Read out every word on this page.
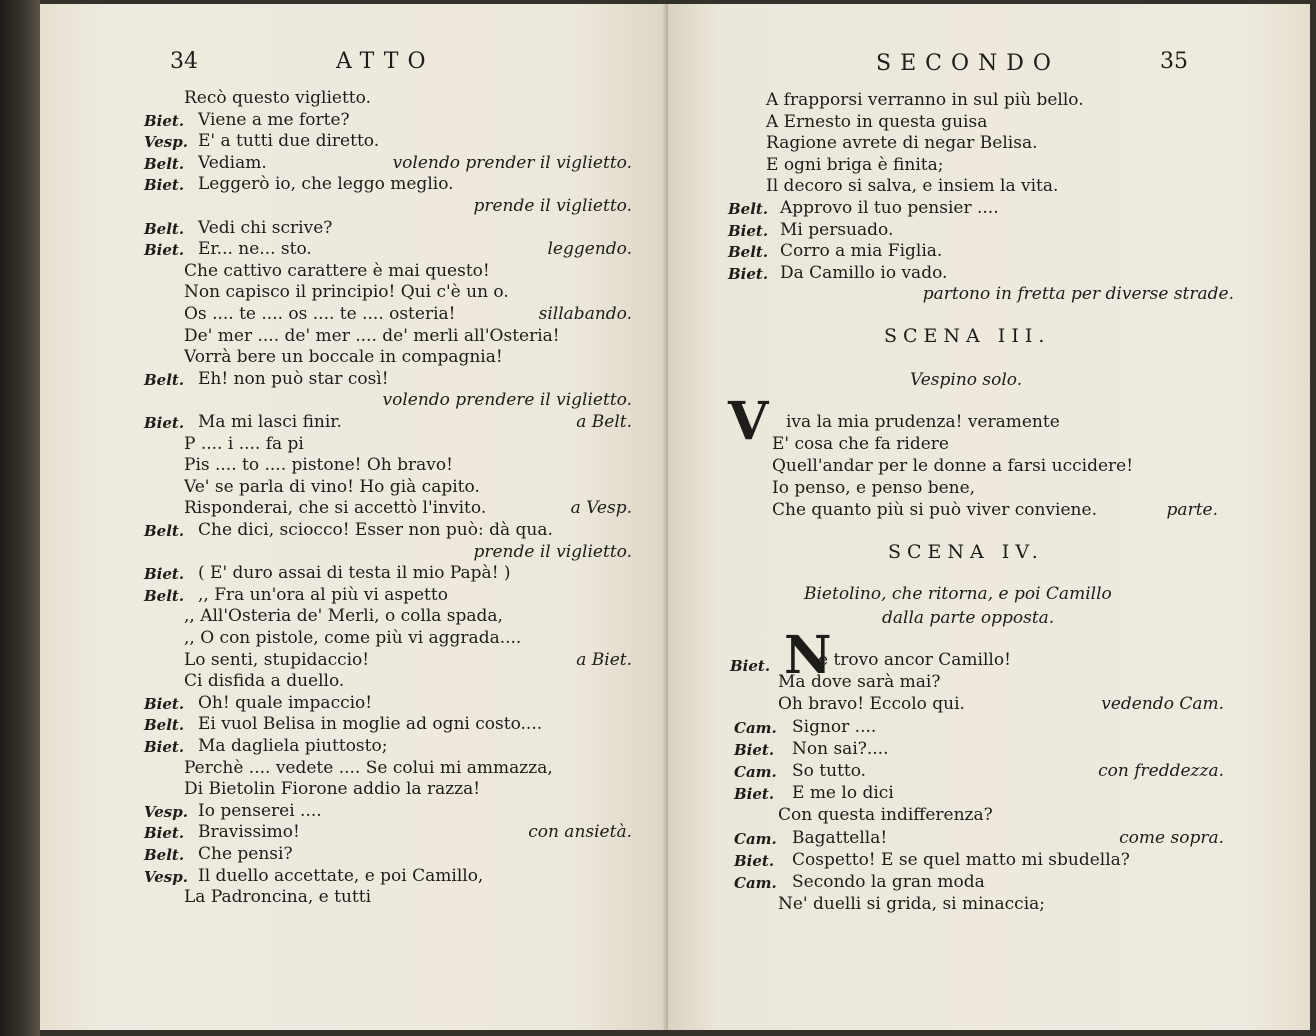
34	ATTO
Recò questo viglietto.
Biet. Viene a me forte?
Vesp. E' a tutti due diretto.
Belt. Vediam.	volendo prender il viglietto.
Biet. Leggerò io, che leggo meglio.
prende il viglietto.
Belt. Vedi chi scrive?
Biet. Er... ne... sto.	leggendo.
Che cattivo carattere è mai questo!
Non capisco il principio! Qui c'è un o.
Os .... te .... os .... te .... osteria!	sillabando.
De' mer .... de' mer .... de' merli all'Osteria!
Vorrà bere un boccale in compagnia!
Belt. Eh! non può star così!
volendo prendere il viglietto.
Biet. Ma mi lasci finir.	a Belt.
P .... i .... fa pi
Pis .... to .... pistone! Oh bravo!
Ve' se parla di vino! Ho già capito.
Risponderai, che si accettò l'invito.	a Vesp.
Belt. Che dici, sciocco! Esser non può: dà qua.
prende il viglietto.
Biet. ( E' duro assai di testa il mio Papà! )
Belt. ,, Fra un'ora al più vi aspetto
,, All'Osteria de' Merli, o colla spada,
,, O con pistole, come più vi aggrada....
Lo senti, stupidaccio!	a Biet.
Ci disfida a duello.
Biet. Oh! quale impaccio!
Belt. Ei vuol Belisa in moglie ad ogni costo....
Biet. Ma dagliela piuttosto;
Perchè .... vedete .... Se colui mi ammazza,
Di Bietolin Fiorone addio la razza!
Vesp. Io penserei ....
Biet. Bravissimo!	con ansietà.
Belt. Che pensi?
Vesp. Il duello accettate, e poi Camillo,
La Padroncina, e tutti
SECONDO	35
A frapporsi verranno in sul più bello.
A Ernesto in questa guisa
Ragione avrete di negar Belisa.
E ogni briga è finita;
Il decoro si salva, e insiem la vita.
Belt. Approvo il tuo pensier ....
Biet. Mi persuado.
Belt. Corro a mia Figlia.
Biet. Da Camillo io vado.
partono in fretta per diverse strade.
SCENA III.
Vespino solo.
V iva la mia prudenza! veramente
E' cosa che fa ridere
Quell'andar per le donne a farsi uccidere!
Io penso, e penso bene,
Che quanto più si può viver conviene.	parte.
SCENA IV.
Bietolino, che ritorna, e poi Camillo
dalla parte opposta.
Biet. N
è trovo ancor Camillo!
Ma dove sarà mai?
Oh bravo! Eccolo qui.	vedendo Cam.
Cam. Signor ....
Biet. Non sai?....
Cam. So tutto.	con freddezza.
Biet. E me lo dici
Con questa indifferenza?
Cam. Bagattella!	come sopra.
Biet. Cospetto! E se quel matto mi sbudella?
Cam. Secondo la gran moda
Ne' duelli si grida, si minaccia;
